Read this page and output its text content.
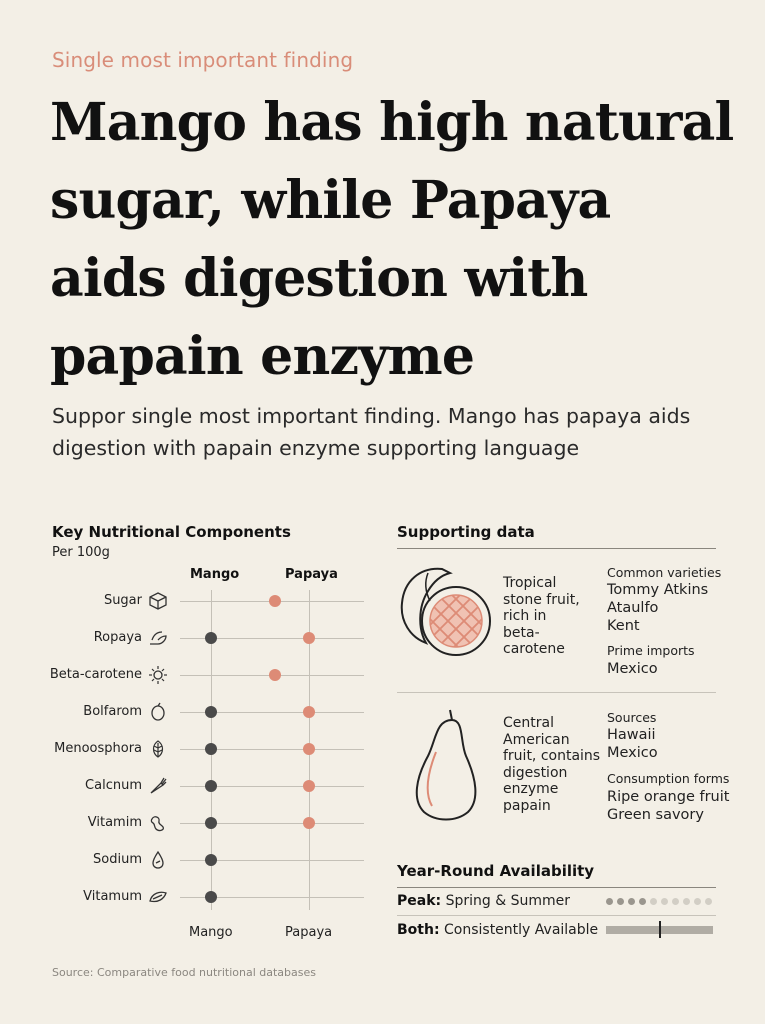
Single most important finding
Mango has high natural sugar, while Papaya aids digestion with papain enzyme

Suppor single most important finding. Mango has papaya aids digestion with papain enzyme supporting language

Key Nutritional Components
Per 100g
Mango	Papaya
Sugar
Ropaya
Beta-carotene
Bolfarom
Menoosphora
Calcnum
Vitamim
Sodium
Vitamum
Mango	Papaya
Supporting data
Tropical
stone fruit,
rich in
beta-
carotene
Common varieties
Tommy Atkins
Ataulfo
Kent
Prime imports
Mexico
Central
American
fruit, contains
digestion
enzyme
papain
Sources
Hawaii
Mexico
Consumption forms
Ripe orange fruit
Green savory
Year-Round Availability
Peak: Spring & Summer
Both: Consistently Available
Source: Comparative food nutritional databases
